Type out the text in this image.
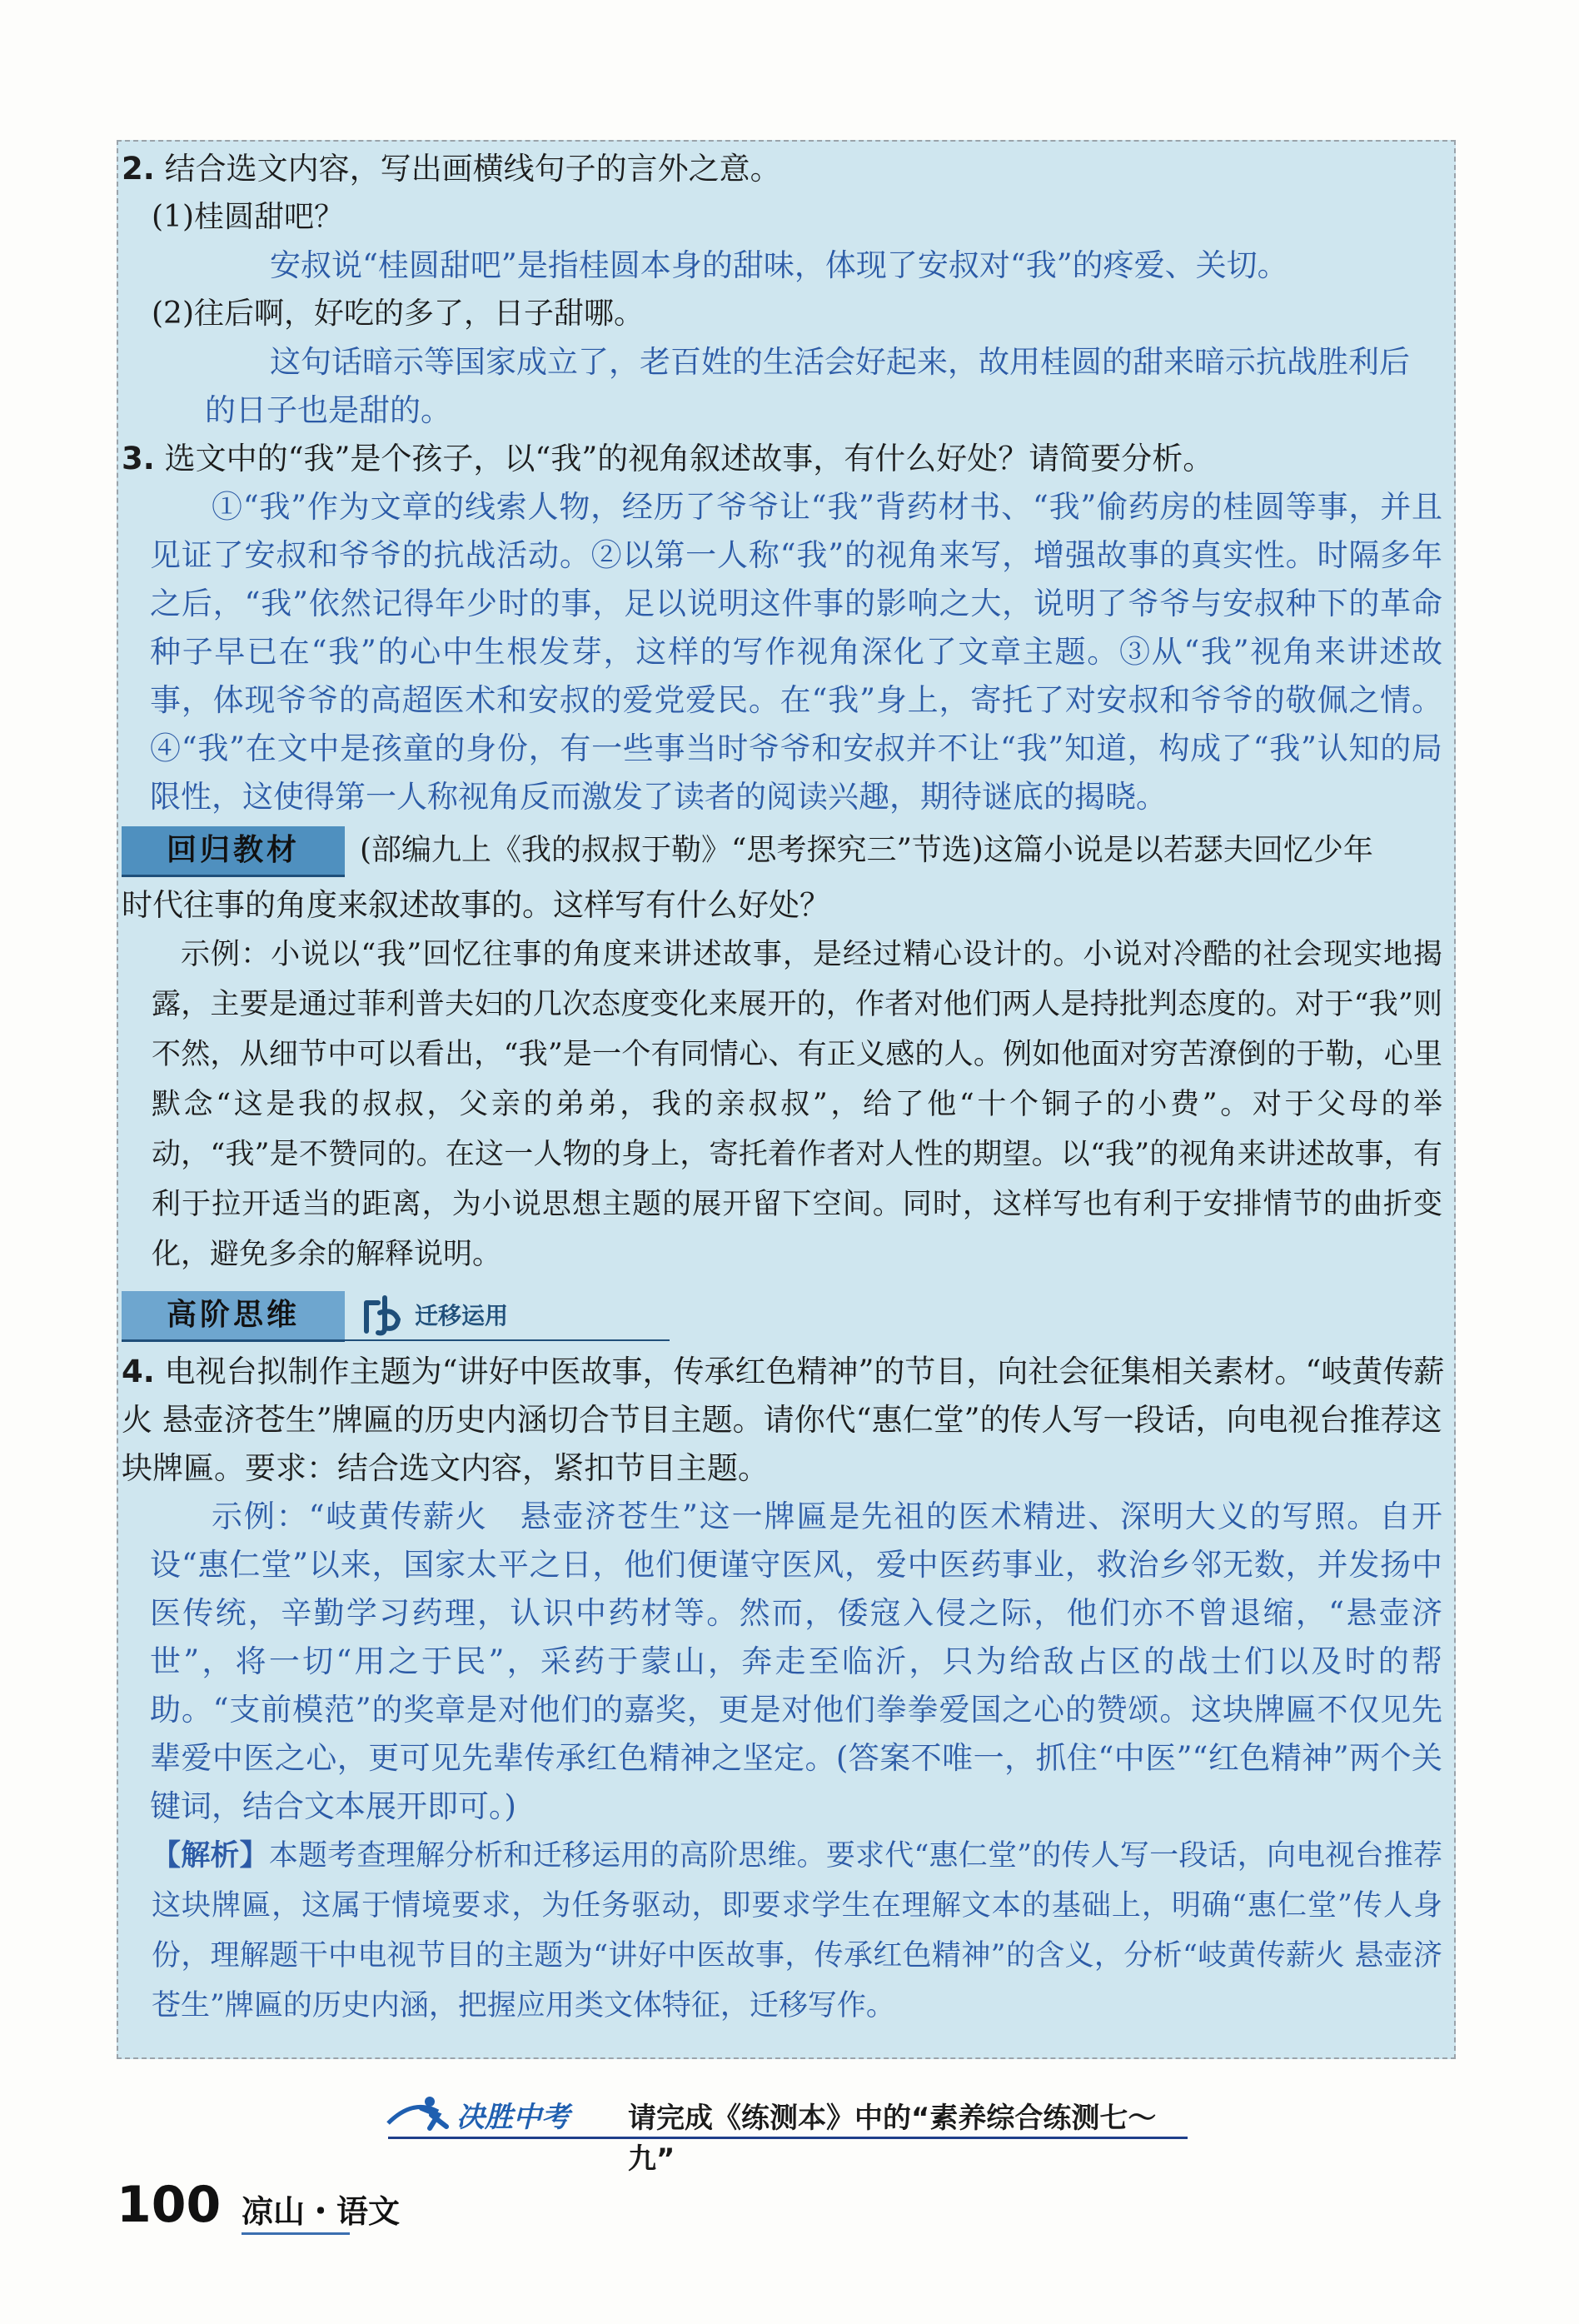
2. 结合选文内容，写出画横线句子的言外之意。

(1)桂圆甜吧？

安叔说“桂圆甜吧”是指桂圆本身的甜味，体现了安叔对“我”的疼爱、关切。

(2)往后啊，好吃的多了，日子甜哪。

这句话暗示等国家成立了，老百姓的生活会好起来，故用桂圆的甜来暗示抗战胜利后

的日子也是甜的。

3. 选文中的“我”是个孩子，以“我”的视角叙述故事，有什么好处？请简要分析。

①“我”作为文章的线索人物，经历了爷爷让“我”背药材书、“我”偷药房的桂圆等事，并且见证了安叔和爷爷的抗战活动。②以第一人称“我”的视角来写，增强故事的真实性。时隔多年之后，“我”依然记得年少时的事，足以说明这件事的影响之大，说明了爷爷与安叔种下的革命种子早已在“我”的心中生根发芽，这样的写作视角深化了文章主题。③从“我”视角来讲述故事，体现爷爷的高超医术和安叔的爱党爱民。在“我”身上，寄托了对安叔和爷爷的敬佩之情。④“我”在文中是孩童的身份，有一些事当时爷爷和安叔并不让“我”知道，构成了“我”认知的局限性，这使得第一人称视角反而激发了读者的阅读兴趣，期待谜底的揭晓。

回归教材	(部编九上《我的叔叔于勒》“思考探究三”节选)这篇小说是以若瑟夫回忆少年

时代往事的角度来叙述故事的。这样写有什么好处？

示例：小说以“我”回忆往事的角度来讲述故事，是经过精心设计的。小说对冷酷的社会现实地揭露，主要是通过菲利普夫妇的几次态度变化来展开的，作者对他们两人是持批判态度的。对于“我”则不然，从细节中可以看出，“我”是一个有同情心、有正义感的人。例如他面对穷苦潦倒的于勒，心里默念“这是我的叔叔，父亲的弟弟，我的亲叔叔”，给了他“十个铜子的小费”。对于父母的举动，“我”是不赞同的。在这一人物的身上，寄托着作者对人性的期望。以“我”的视角来讲述故事，有利于拉开适当的距离，为小说思想主题的展开留下空间。同时，这样写也有利于安排情节的曲折变化，避免多余的解释说明。

高阶思维	迁移运用

4. 电视台拟制作主题为“讲好中医故事，传承红色精神”的节目，向社会征集相关素材。“岐黄传薪火 悬壶济苍生”牌匾的历史内涵切合节目主题。请你代“惠仁堂”的传人写一段话，向电视台推荐这块牌匾。要求：结合选文内容，紧扣节目主题。

示例：“岐黄传薪火　悬壶济苍生”这一牌匾是先祖的医术精进、深明大义的写照。自开设“惠仁堂”以来，国家太平之日，他们便谨守医风，爱中医药事业，救治乡邻无数，并发扬中医传统，辛勤学习药理，认识中药材等。然而，倭寇入侵之际，他们亦不曾退缩，“悬壶济世”，将一切“用之于民”，采药于蒙山，奔走至临沂，只为给敌占区的战士们以及时的帮助。“支前模范”的奖章是对他们的嘉奖，更是对他们拳拳爱国之心的赞颂。这块牌匾不仅见先辈爱中医之心，更可见先辈传承红色精神之坚定。(答案不唯一，抓住“中医”“红色精神”两个关键词，结合文本展开即可。)

【解析】本题考查理解分析和迁移运用的高阶思维。要求代“惠仁堂”的传人写一段话，向电视台推荐这块牌匾，这属于情境要求，为任务驱动，即要求学生在理解文本的基础上，明确“惠仁堂”传人身份，理解题干中电视节目的主题为“讲好中医故事，传承红色精神”的含义，分析“岐黄传薪火 悬壶济苍生”牌匾的历史内涵，把握应用类文体特征，迁移写作。

决胜中考 请完成《练测本》中的“素养综合练测七～九”
100 凉山・语文
